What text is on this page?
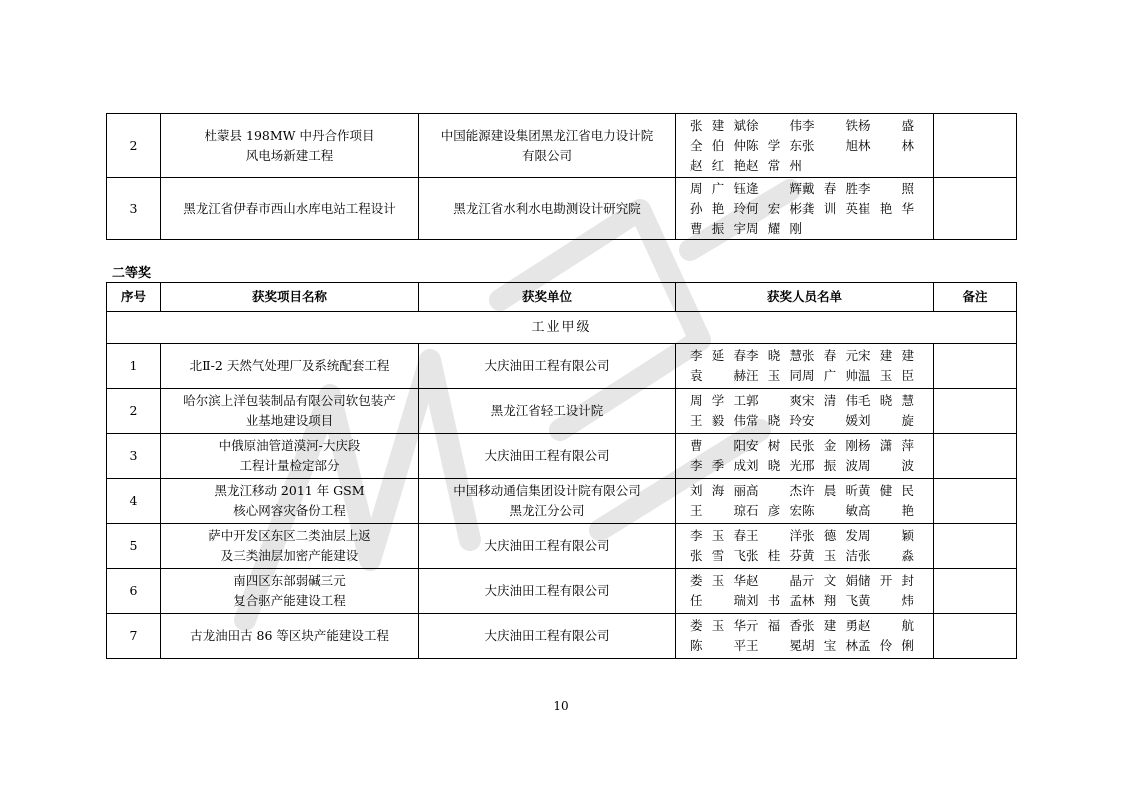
2	杜蒙县 198MW 中丹合作项目
风电场新建工程	中国能源建设集团黑龙江省电力设计院
有限公司	张建斌徐　伟李　铁杨　盛
全伯仲陈学东张　旭林　林
赵红艳赵常州	

3	黑龙江省伊春市西山水库电站工程设计	黑龙江省水利水电勘测设计研究院	周广钰逄　辉戴春胜李　照
孙艳玲何宏彬龚训英崔艳华
曹振宇周耀刚	

二等奖
序号	获奖项目名称	获奖单位	获奖人员名单	备注
工业甲级				
1	北Ⅱ-2 天然气处理厂及系统配套工程	大庆油田工程有限公司	李延春李晓慧张春元宋建建
袁　赫汪玉同周广帅温玉臣	

2	哈尔滨上洋包装制品有限公司软包装产
业基地建设项目	黑龙江省轻工设计院	周学工郭　爽宋清伟毛晓慧
王毅伟常晓玲安　媛刘　旋	

3	中俄原油管道漠河-大庆段
工程计量检定部分	大庆油田工程有限公司	曹　阳安树民张金刚杨潇萍
李季成刘晓光邢振波周　波	

4	黑龙江移动 2011 年 GSM
核心网容灾备份工程	中国移动通信集团设计院有限公司
黑龙江分公司	刘海丽高　杰许晨昕黄健民
王　琼石彦宏陈　敏高　艳	

5	萨中开发区东区二类油层上返
及三类油层加密产能建设	大庆油田工程有限公司	李玉春王　洋张德发周　颖
张雪飞张桂芬黄玉洁张　淼	

6	南四区东部弱碱三元
复合驱产能建设工程	大庆油田工程有限公司	娄玉华赵　晶亓文娟储开封
任　瑞刘书孟林翔飞黄　炜	

7	古龙油田古 86 等区块产能建设工程	大庆油田工程有限公司	娄玉华亓福香张建勇赵　航
陈　平王　冕胡宝林孟伶俐	

10
